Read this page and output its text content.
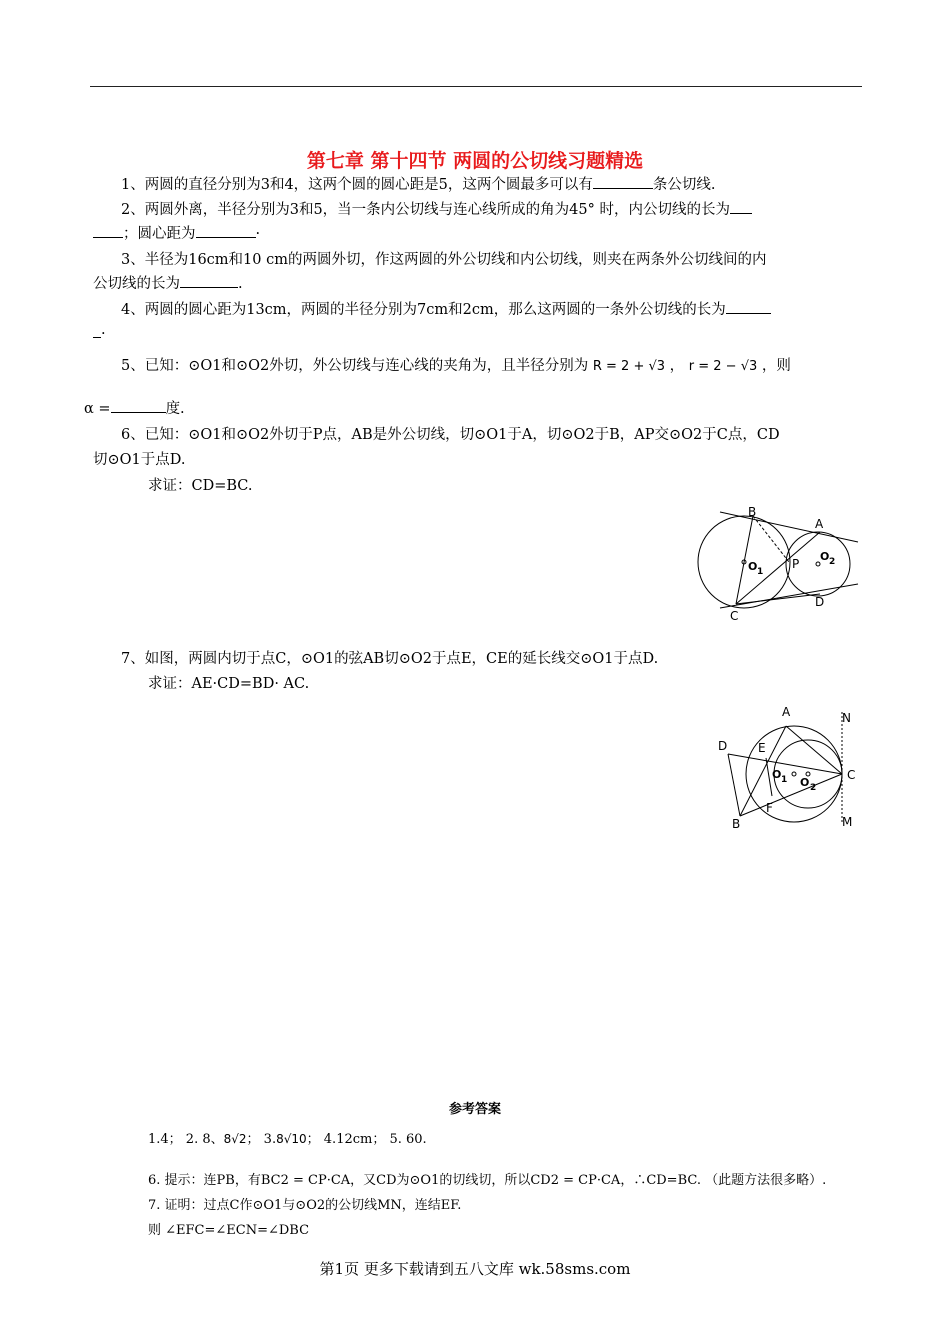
第七章 第十四节 两圆的公切线习题精选
1、两圆的直径分别为3和4，这两个圆的圆心距是5，这两个圆最多可以有	条公切线.
2、两圆外离，半径分别为3和5，当一条内公切线与连心线所成的角为45° 时，内公切线的长为
；圆心距为	·
3、半径为16cm和10 cm的两圆外切，作这两圆的外公切线和内公切线，则夹在两条外公切线间的内
公切线的长为	.
4、两圆的圆心距为13cm，两圆的半径分别为7cm和2cm，那么这两圆的一条外公切线的长为
·
5、已知：⊙O1和⊙O2外切，外公切线与连心线的夹角为，且半径分别为 R = 2 + √3 ， r = 2 − √3 ，则
α =	度.
6、已知：⊙O1和⊙O2外切于P点，AB是外公切线，切⊙O1于A，切⊙O2于B，AP交⊙O2于C点，CD
切⊙O1于点D.
求证：CD=BC.
B
A
O 1
P
O 2
C
D
7、如图，两圆内切于点C，⊙O1的弦AB切⊙O2于点E，CE的延长线交⊙O1于点D.
求证：AE·CD=BD· AC.
A	N
D	E
O 1 O 2
C
F
B	M
参考答案
1.4； 2. 8、8√2； 3.8√10； 4.12cm； 5. 60.
6. 提示：连PB，有BC2 = CP·CA，又CD为⊙O1的切线切，所以CD2 = CP·CA，∴CD=BC. （此题方法很多略）.
7. 证明：过点C作⊙O1与⊙O2的公切线MN，连结EF.
则 ∠EFC=∠ECN=∠DBC
第1页 更多下载请到五八文库 wk.58sms.com
